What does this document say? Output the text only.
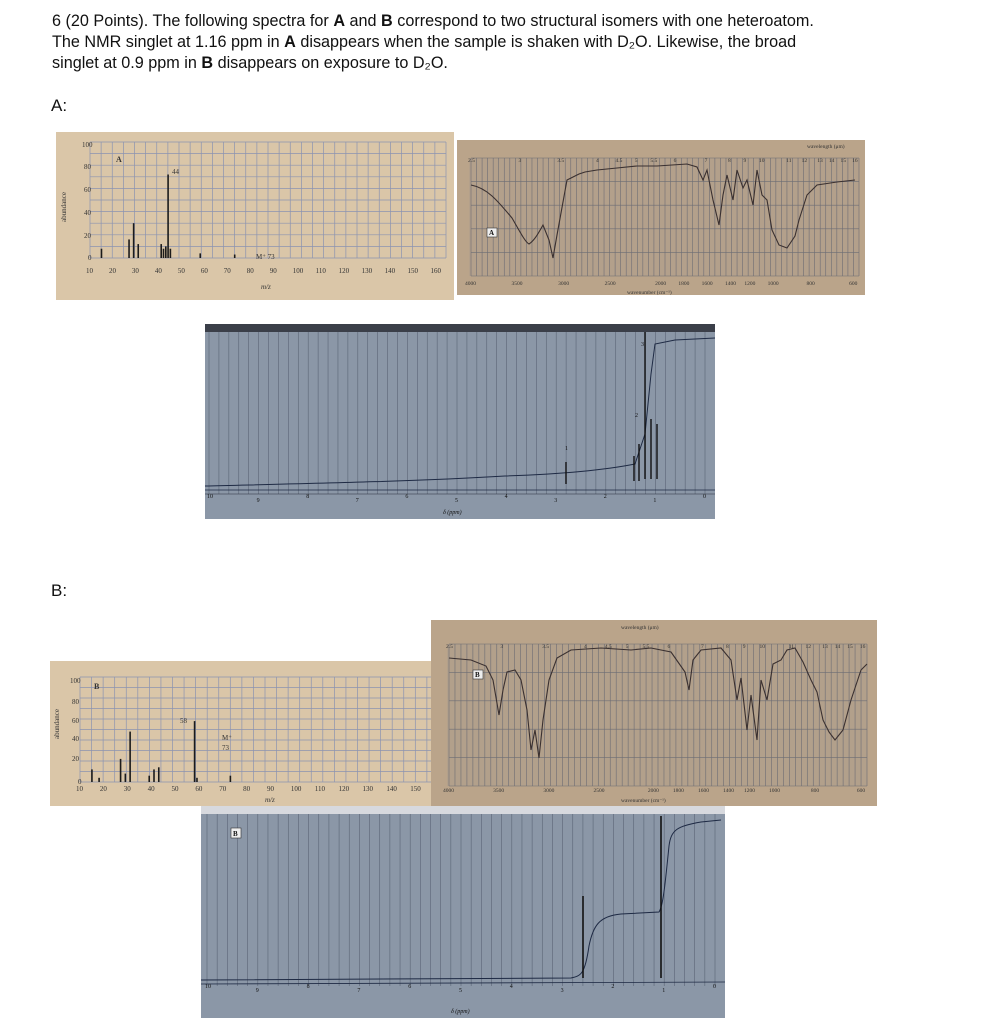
6 (20 Points). The following spectra for A and B correspond to two structural isomers with one heteroatom.

The NMR singlet at 1.16 ppm in A disappears when the sample is shaken with D₂O. Likewise, the broad

singlet at 0.9 ppm in B disappears on exposure to D₂O.

A:
B:
abundance
100
80
60
40
20
0
10 20 30 40 50 60 70 80 90 100 110 120 130 140 150 160
m/z
A
44
M⁺ 73
wavelength (μm)
2.5	3	3.5	4	4.5 5 5.5	6	7	8 9 10	11 12 13 14 15 16
4000	3500	3000	2500	2000 1800 1600 1400 1200 1000	800	600
wavenumber (cm⁻¹)
A
1
2
3
10
9
8
7
6
5
4
3
2
1
0
δ (ppm)
abundance
100
80
60
40
20
0
10 20 30 40 50 60 70 80 90 100 110 120 130 140 150
m/z
B
58
M⁺
73
wavelength (μm)
2.5	3	3.5	4	4.5	5	5.5	6	7	8	9	10	11 12 13 14 15 16
4000	3500	3000	2500	2000	1800	1600	1400 1200	1000	800	600
wavenumber (cm⁻¹)
B
B
10
9
8
7
6
5
4
3
2
1
0
δ (ppm)
